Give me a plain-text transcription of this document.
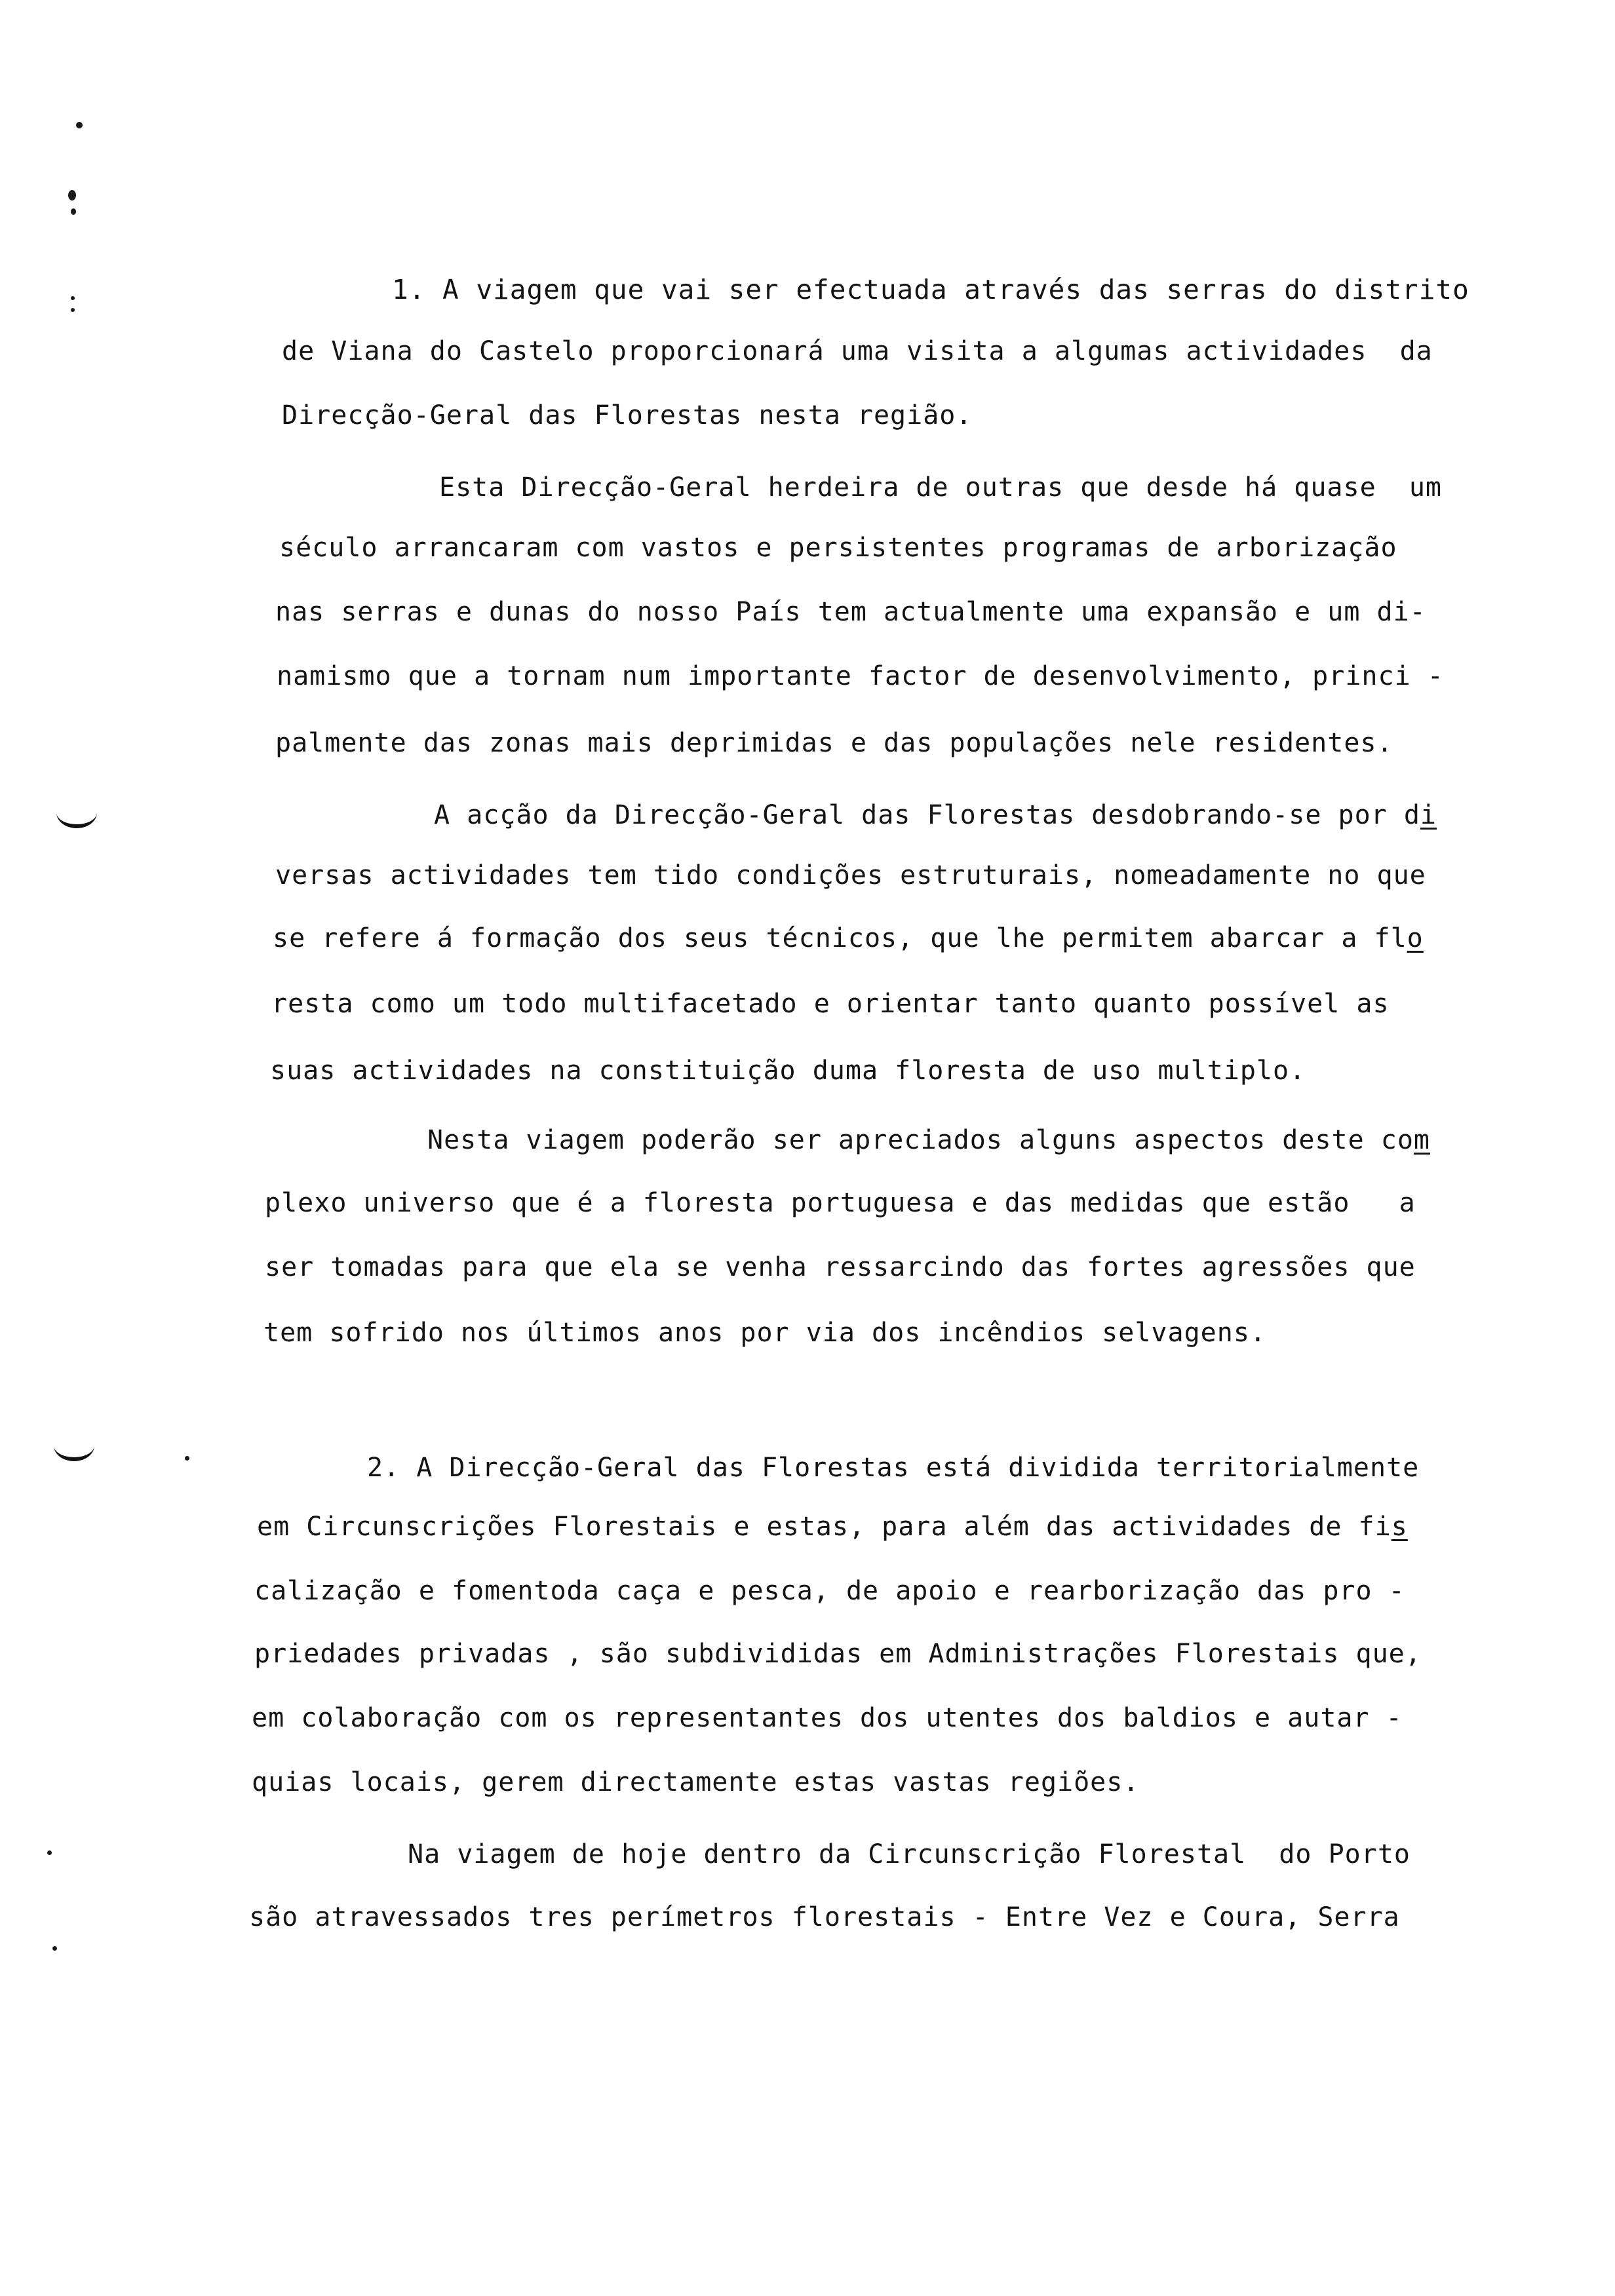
1. A viagem que vai ser efectuada através das serras do distrito
de Viana do Castelo proporcionará uma visita a algumas actividades  da
Direcção-Geral das Florestas nesta região.
Esta Direcção-Geral herdeira de outras que desde há quase  um
século arrancaram com vastos e persistentes programas de arborização
nas serras e dunas do nosso País tem actualmente uma expansão e um di-
namismo que a tornam num importante factor de desenvolvimento, princi -
palmente das zonas mais deprimidas e das populações nele residentes.
A acção da Direcção-Geral das Florestas desdobrando-se por di
versas actividades tem tido condições estruturais, nomeadamente no que
se refere á formação dos seus técnicos, que lhe permitem abarcar a flo
resta como um todo multifacetado e orientar tanto quanto possível as
suas actividades na constituição duma floresta de uso multiplo.
Nesta viagem poderão ser apreciados alguns aspectos deste com
plexo universo que é a floresta portuguesa e das medidas que estão   a
ser tomadas para que ela se venha ressarcindo das fortes agressões que
tem sofrido nos últimos anos por via dos incêndios selvagens.
2. A Direcção-Geral das Florestas está dividida territorialmente
em Circunscrições Florestais e estas, para além das actividades de fis
calização e fomentoda caça e pesca, de apoio e rearborização das pro -
priedades privadas , são subdivididas em Administrações Florestais que,
em colaboração com os representantes dos utentes dos baldios e autar -
quias locais, gerem directamente estas vastas regiões.
Na viagem de hoje dentro da Circunscrição Florestal  do Porto
são atravessados tres perímetros florestais - Entre Vez e Coura, Serra
